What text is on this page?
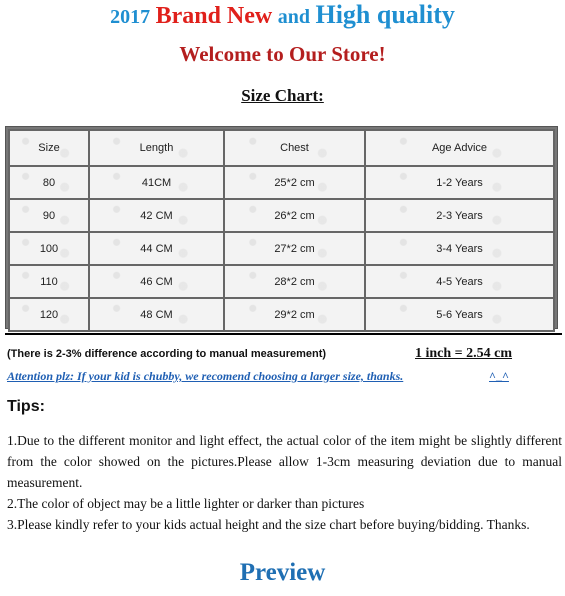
2017 Brand New and High quality
Welcome to Our Store!
Size Chart:
Size	Length	Chest	Age Advice
80	41CM	25*2 cm	1-2 Years
90	42 CM	26*2 cm	2-3 Years
100	44 CM	27*2 cm	3-4 Years
110	46 CM	28*2 cm	4-5 Years
120	48 CM	29*2 cm	5-6 Years
(There is 2-3% difference according to manual measurement)	1 inch = 2.54 cm
Attention plz: If your kid is chubby, we recomend choosing a larger size, thanks.	^_^
Tips:

1.Due to the different monitor and light effect, the actual color of the item might be slightly different from the color showed on the pictures.Please allow 1-3cm measuring deviation due to manual measurement.

2.The color of object may be a little lighter or darker than pictures

3.Please kindly refer to your kids actual height and the size chart before buying/bidding. Thanks.

Preview
